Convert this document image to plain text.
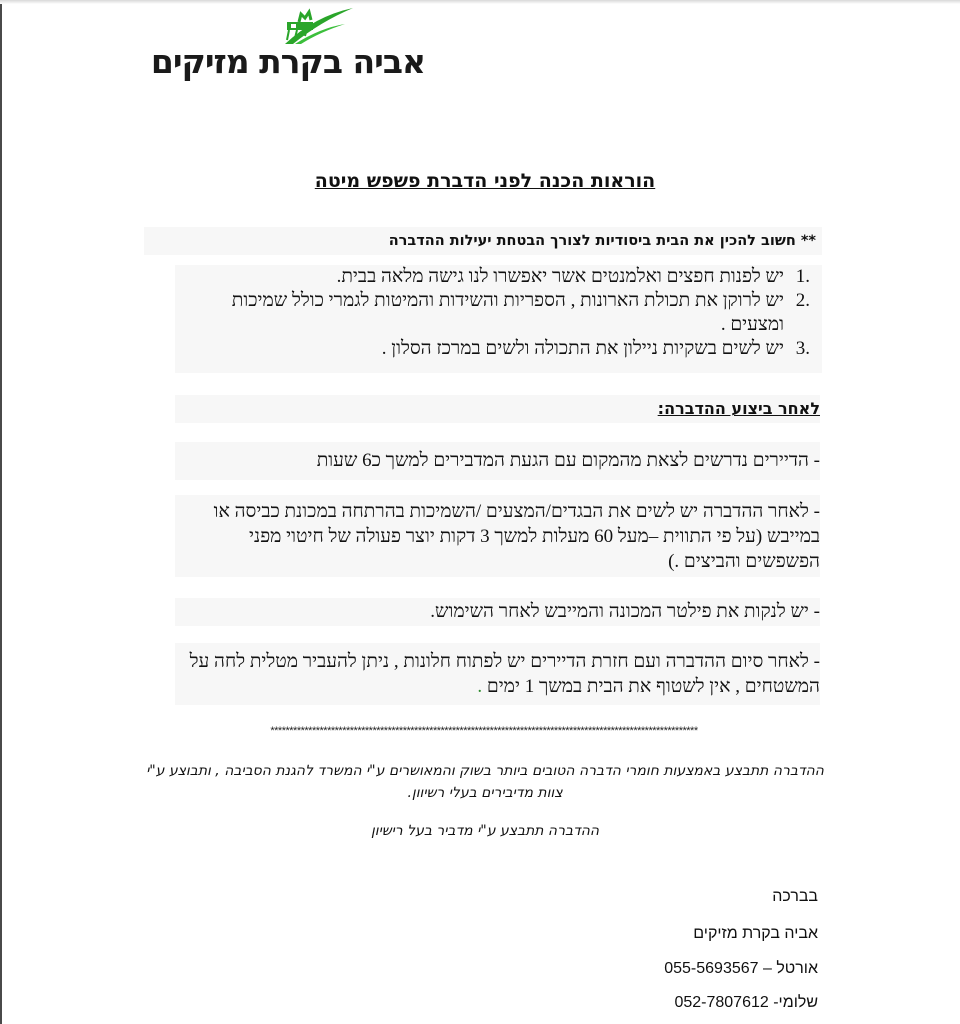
אביה בקרת מזיקים
הוראות הכנה לפני הדברת פשפש מיטה
** חשוב להכין את הבית ביסודיות לצורך הבטחת יעילות ההדברה
1.
יש לפנות חפצים ואלמנטים אשר יאפשרו לנו גישה מלאה בבית.
2.
יש לרוקן את תכולת הארונות , הספריות והשידות והמיטות לגמרי כולל שמיכות ומצעים .
3.
יש לשים בשקיות ניילון את התכולה ולשים במרכז הסלון .
לאחר ביצוע ההדברה:
- הדיירים נדרשים לצאת מהמקום עם הגעת המדבירים למשך כ6 שעות
- לאחר ההדברה יש לשים את הבגדים/המצעים /השמיכות בהרתחה במכונת כביסה או במייבש (על פי התווית –מעל 60 מעלות למשך 3 דקות יוצר פעולה של חיטוי מפני הפשפשים והביצים .)
- יש לנקות את פילטר המכונה והמייבש לאחר השימוש.
- לאחר סיום ההדברה ועם חזרת הדיירים יש לפתוח חלונות , ניתן להעביר מטלית לחה על המשטחים , אין לשטוף את הבית במשך 1 ימים .
*****************************************************************************************************************
ההדברה תתבצע באמצעות חומרי הדברה הטובים ביותר בשוק והמאושרים ע"י המשרד להגנת הסביבה , ותבוצע ע"י צוות מדיבירים בעלי רשיוון.
ההדברה תתבצע ע"י מדביר בעל רישיון
בברכה
אביה בקרת מזיקים
אורטל – 055-5693567
שלומי- 052-7807612
